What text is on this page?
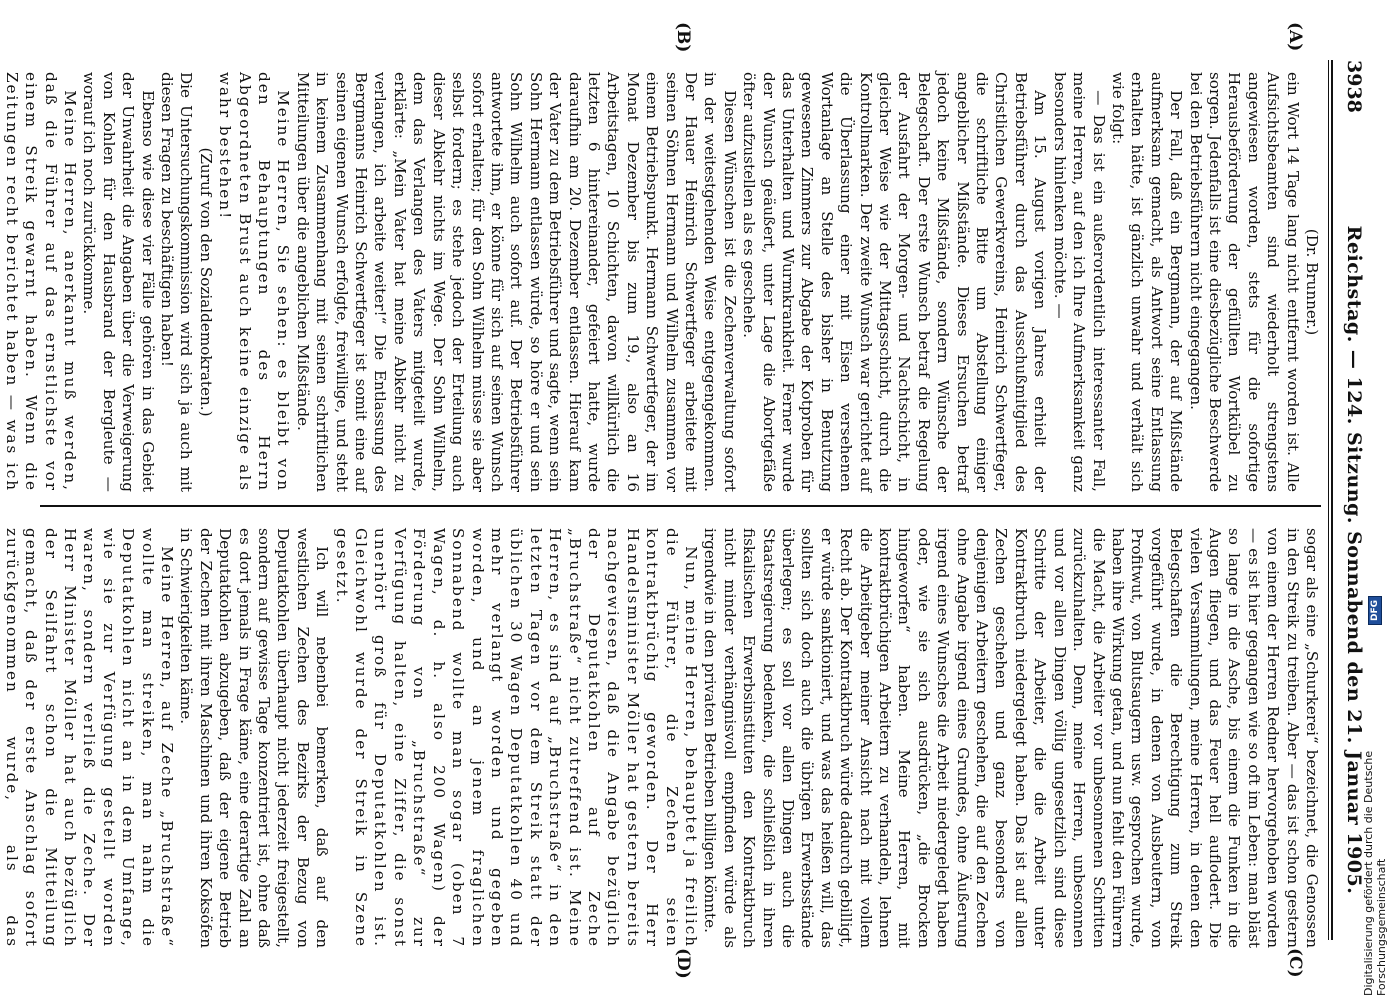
3938
Reichstag. — 124. Sitzung. Sonnabend den 21. Januar 1905.
(A)
(B)
(C)
(D)

(Dr. Brunner.)

ein Wort 14 Tage lang nicht entfernt worden ist. Alle Aufsichtsbeamten sind wiederholt strengstens angewiesen worden, stets für die sofortige Herausbeförderung der gefüllten Wortkübel zu sorgen. Jedenfalls ist eine diesbezügliche Beschwerde bei den Betriebsführern nicht eingegangen.

Der Fall, daß ein Bergmann, der auf Mißstände aufmerksam gemacht, als Antwort seine Entlassung erhalten hätte, ist gänzlich unwahr und verhält sich wie folgt:

— Das ist ein außerordentlich interessanter Fall, meine Herren, auf den ich Ihre Aufmerksamkeit ganz besonders hinlenken möchte. —

Am 15. August vorigen Jahres erhielt der Betriebsführer durch das Ausschußmitglied des Christlichen Gewerkvereins, Heinrich Schwertfeger, die schriftliche Bitte um Abstellung einiger angeblicher Mißstände. Dieses Ersuchen betraf jedoch keine Mißstände, sondern Wünsche der Belegschaft. Der erste Wunsch betraf die Regelung der Ausfahrt der Morgen- und Nachtschicht, in gleicher Weise wie der Mittagsschicht, durch die Kontrollmarken. Der zweite Wunsch war gerichtet auf die Überlassung einer mit Eisen versehenen Wortanlage an Stelle des bisher in Benutzung gewesenen Zimmers zur Abgabe der Kotproben für das Unterhalten und Wurmkrankheit. Ferner wurde der Wunsch geäußert, unter Lage die Abortgefäße öfter aufzustellen als es geschehe.

Diesen Wünschen ist die Zechenverwaltung sofort in der weitestgehenden Weise entgegengekommen. Der Hauer Heinrich Schwertfeger arbeitete mit seinen Söhnen Hermann und Wilhelm zusammen vor einem Betriebspunkt. Hermann Schwertfeger, der im Monat Dezember bis zum 19., also an 16 Arbeitstagen, 10 Schichten, davon willkürlich die letzten 6 hintereinander, gefeiert hatte, wurde daraufhin am 20. Dezember entlassen. Hierauf kam der Vater zu dem Betriebsführer und sagte, wenn sein Sohn Hermann entlassen würde, so höre er und sein Sohn Wilhelm auch sofort auf. Der Betriebsführer antwortete ihm, er könne für sich auf seinen Wunsch sofort erhalten; für den Sohn Wilhelm müsse sie aber selbst fordern; es stehe jedoch der Erteilung auch dieser Abkehr nichts im Wege. Der Sohn Wilhelm, dem das Verlangen des Vaters mitgeteilt wurde, erklärte: „Mein Vater hat meine Abkehr nicht zu verlangen, ich arbeite weiter!“ Die Entlassung des Bergmanns Heinrich Schwertfeger ist somit eine auf seinen eigenen Wunsch erfolgte, freiwillige, und steht in keinem Zusammenhang mit seinen schriftlichen Mitteilungen über die angeblichen Mißstände.

Meine Herren, Sie sehen: es bleibt von den Behauptungen des Herrn Abgeordneten Brust auch keine einzige als wahr bestehen!

(Zuruf von den Sozialdemokraten.)

Die Untersuchungskommission wird sich ja auch mit diesen Fragen zu beschäftigen haben!

Ebenso wie diese vier Fälle gehören in das Gebiet der Unwahrheit die Angaben über die Verweigerung von Kohlen für den Hausbrand der Bergleute — worauf ich noch zurückkomme.

Meine Herren, anerkannt muß werden, daß die Führer auf das ernstlichste vor einem Streik gewarnt haben. Wenn die Zeitungen recht berichtet haben — was ich

sogar als eine „Schurkerei“ bezeichnet, die Genossen in den Streik zu treiben. Aber — das ist schon gestern von einem der Herren Redner hervorgehoben worden — es ist hier gegangen wie so oft im Leben: man bläst so lange in die Asche, bis einem die Funken in die Augen fliegen, und das Feuer hell auflodert. Die vielen Versammlungen, meine Herren, in denen den Belegschaften die Berechtigung zum Streik vorgeführt wurde, in denen von Ausbeutern, von Profitwut, von Blutsaugern usw. gesprochen wurde, haben ihre Wirkung getan, und nun fehlt den Führern die Macht, die Arbeiter vor unbesonnenen Schritten zurückzuhalten. Denn, meine Herren, unbesonnen und vor allen Dingen völlig ungesetzlich sind diese Schritte der Arbeiter, die die Arbeit unter Kontraktbruch niedergelegt haben. Das ist auf allen Zechen geschehen und ganz besonders von denjenigen Arbeitern geschehen, die auf den Zechen ohne Angabe irgend eines Grundes, ohne Äußerung irgend eines Wunsches die Arbeit niedergelegt haben oder, wie sie sich ausdrücken, „die Brocken hingeworfen“ haben. Meine Herren, mit kontraktbrüchigen Arbeitern zu verhandeln, lehnen die Arbeitgeber meiner Ansicht nach mit vollem Recht ab. Der Kontraktbruch würde dadurch gebilligt, er würde sanktioniert, und was das heißen will, das sollten sich doch auch die übrigen Erwerbsstände überlegen; es soll vor allen Dingen auch die Staatsregierung bedenken, die schließlich in ihren fiskalischen Erwerbsinstituten den Kontraktbruch nicht minder verhängnisvoll empfinden würde als irgendwie in den privaten Betrieben billigen könnte.

Nun, meine Herren, behauptet ja freilich die Führer, die Zechen seien kontraktbrüchig geworden. Der Herr Handelsminister Möller hat gestern bereits nachgewiesen, daß die Angabe bezüglich der Deputatkohlen auf Zeche „Bruchstraße“ nicht zutreffend ist. Meine Herren, es sind auf „Bruchstraße“ in den letzten Tagen vor dem Streik statt der üblichen 30 Wagen Deputatkohlen 40 und mehr verlangt worden und gegeben worden, und an jenem fraglichen Sonnabend wollte man sogar (oben 7 Wagen, d. h. also 200 Wagen) der Förderung von „Bruchstraße“ zur Verfügung halten, eine Ziffer, die sonst unerhört groß für Deputatkohlen ist. Gleichwohl wurde der Streik in Szene gesetzt.

Ich will nebenbei bemerken, daß auf den westlichen Zechen des Bezirks der Bezug von Deputatkohlen überhaupt nicht jederzeit freigestellt, sondern auf gewisse Tage konzentriert ist, ohne daß es dort jemals in Frage käme, eine derartige Zahl an Deputatkohlen abzugeben, daß der eigene Betrieb der Zechen mit ihren Maschinen und ihren Koksöfen in Schwierigkeiten käme.

Meine Herren, auf Zeche „Bruchstraße“ wollte man streiken, man nahm die Deputatkohlen nicht an in dem Umfange, wie sie zur Verfügung gestellt worden waren, sondern verließ die Zeche. Der Herr Minister Möller hat auch bezüglich der Seilfahrt schon die Mitteilung gemacht, daß der erste Anschlag sofort zurückgenommen wurde, als das	Digitalisierung gefördert durch die Deutsche Forschungsgemeinschaft
DFG
